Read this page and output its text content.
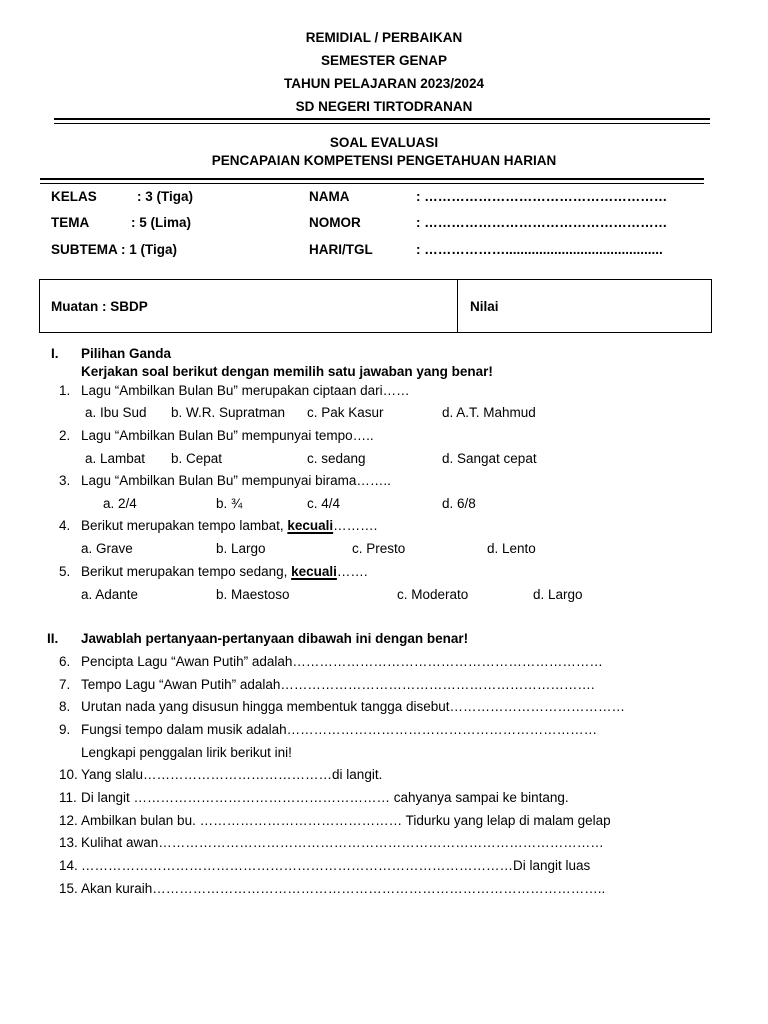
REMIDIAL / PERBAIKAN
SEMESTER GENAP
TAHUN PELAJARAN 2023/2024
SD NEGERI TIRTODRANAN
SOAL EVALUASI
PENCAPAIAN KOMPETENSI PENGETAHUAN HARIAN
KELAS	: 3 (Tiga)
TEMA	: 5 (Lima)
SUBTEMA : 1 (Tiga)
NAMA	: ………………………………………………
NOMOR	: ………………………………………………
HARI/TGL	: ………………..........................................
Muatan : SBDP	Nilai
I. Pilihan Ganda
Kerjakan soal berikut dengan memilih satu jawaban yang benar!
1. Lagu “Ambilkan Bulan Bu” merupakan ciptaan dari……
a. Ibu Sud b. W.R. Supratman c. Pak Kasur	d. A.T. Mahmud
2. Lagu “Ambilkan Bulan Bu” mempunyai tempo…..
a. Lambat b. Cepat	c. sedang	d. Sangat cepat
3. Lagu “Ambilkan Bulan Bu” mempunyai birama……..
a. 2/4	b. ¾	c. 4/4	d. 6/8
4. Berikut merupakan tempo lambat, kecuali……….
a. Grave	b. Largo	c. Presto	d. Lento
5. Berikut merupakan tempo sedang, kecuali…….
a. Adante	b. Maestoso	c. Moderato	d. Largo
II. Jawablah pertanyaan-pertanyaan dibawah ini dengan benar!
6. Pencipta Lagu “Awan Putih” adalah……………………………………………………………
7. Tempo Lagu “Awan Putih” adalah…………………………………………………………….
8. Urutan nada yang disusun hingga membentuk tangga disebut…………………………………
9. Fungsi tempo dalam musik adalah……………………………………………………………
Lengkapi penggalan lirik berikut ini!
10. Yang slalu……………………………………di langit.
11. Di langit ………………………………………………… cahyanya sampai ke bintang.
12. Ambilkan bulan bu. ……………………………………… Tidurku yang lelap di malam gelap
13. Kulihat awan………………………………………………………………………………………
14. ……………………………………………………………………………………Di langit luas
15. Akan kuraih………………………………………………………………………………………..
